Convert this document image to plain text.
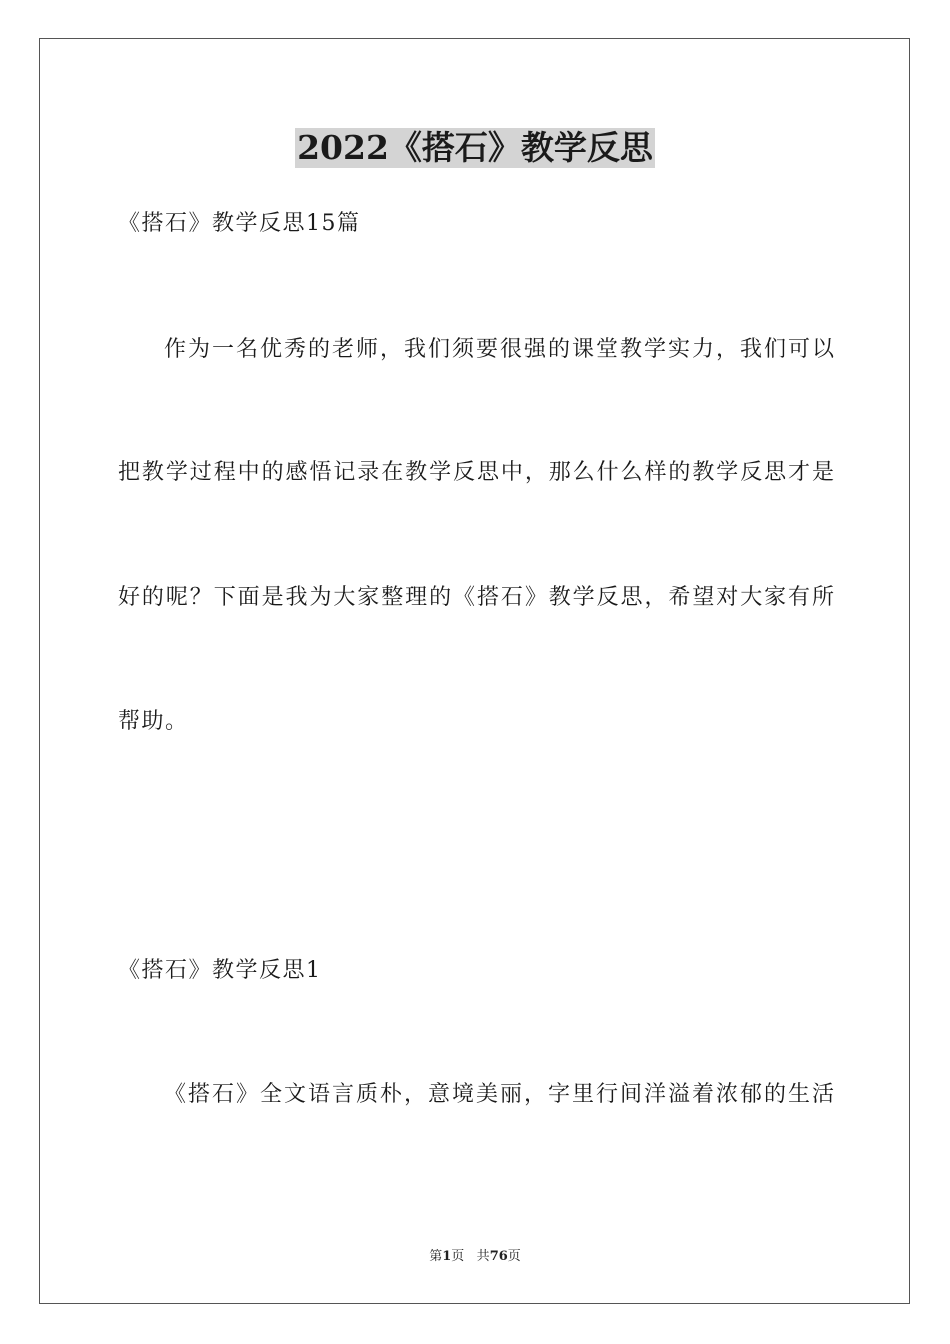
2022《搭石》教学反思
《搭石》教学反思15篇
作为一名优秀的老师，我们须要很强的课堂教学实力，我们可以
把教学过程中的感悟记录在教学反思中，那么什么样的教学反思才是
好的呢？下面是我为大家整理的《搭石》教学反思，希望对大家有所
帮助。
《搭石》教学反思1
《搭石》全文语言质朴，意境美丽，字里行间洋溢着浓郁的生活
第1页 共76页
